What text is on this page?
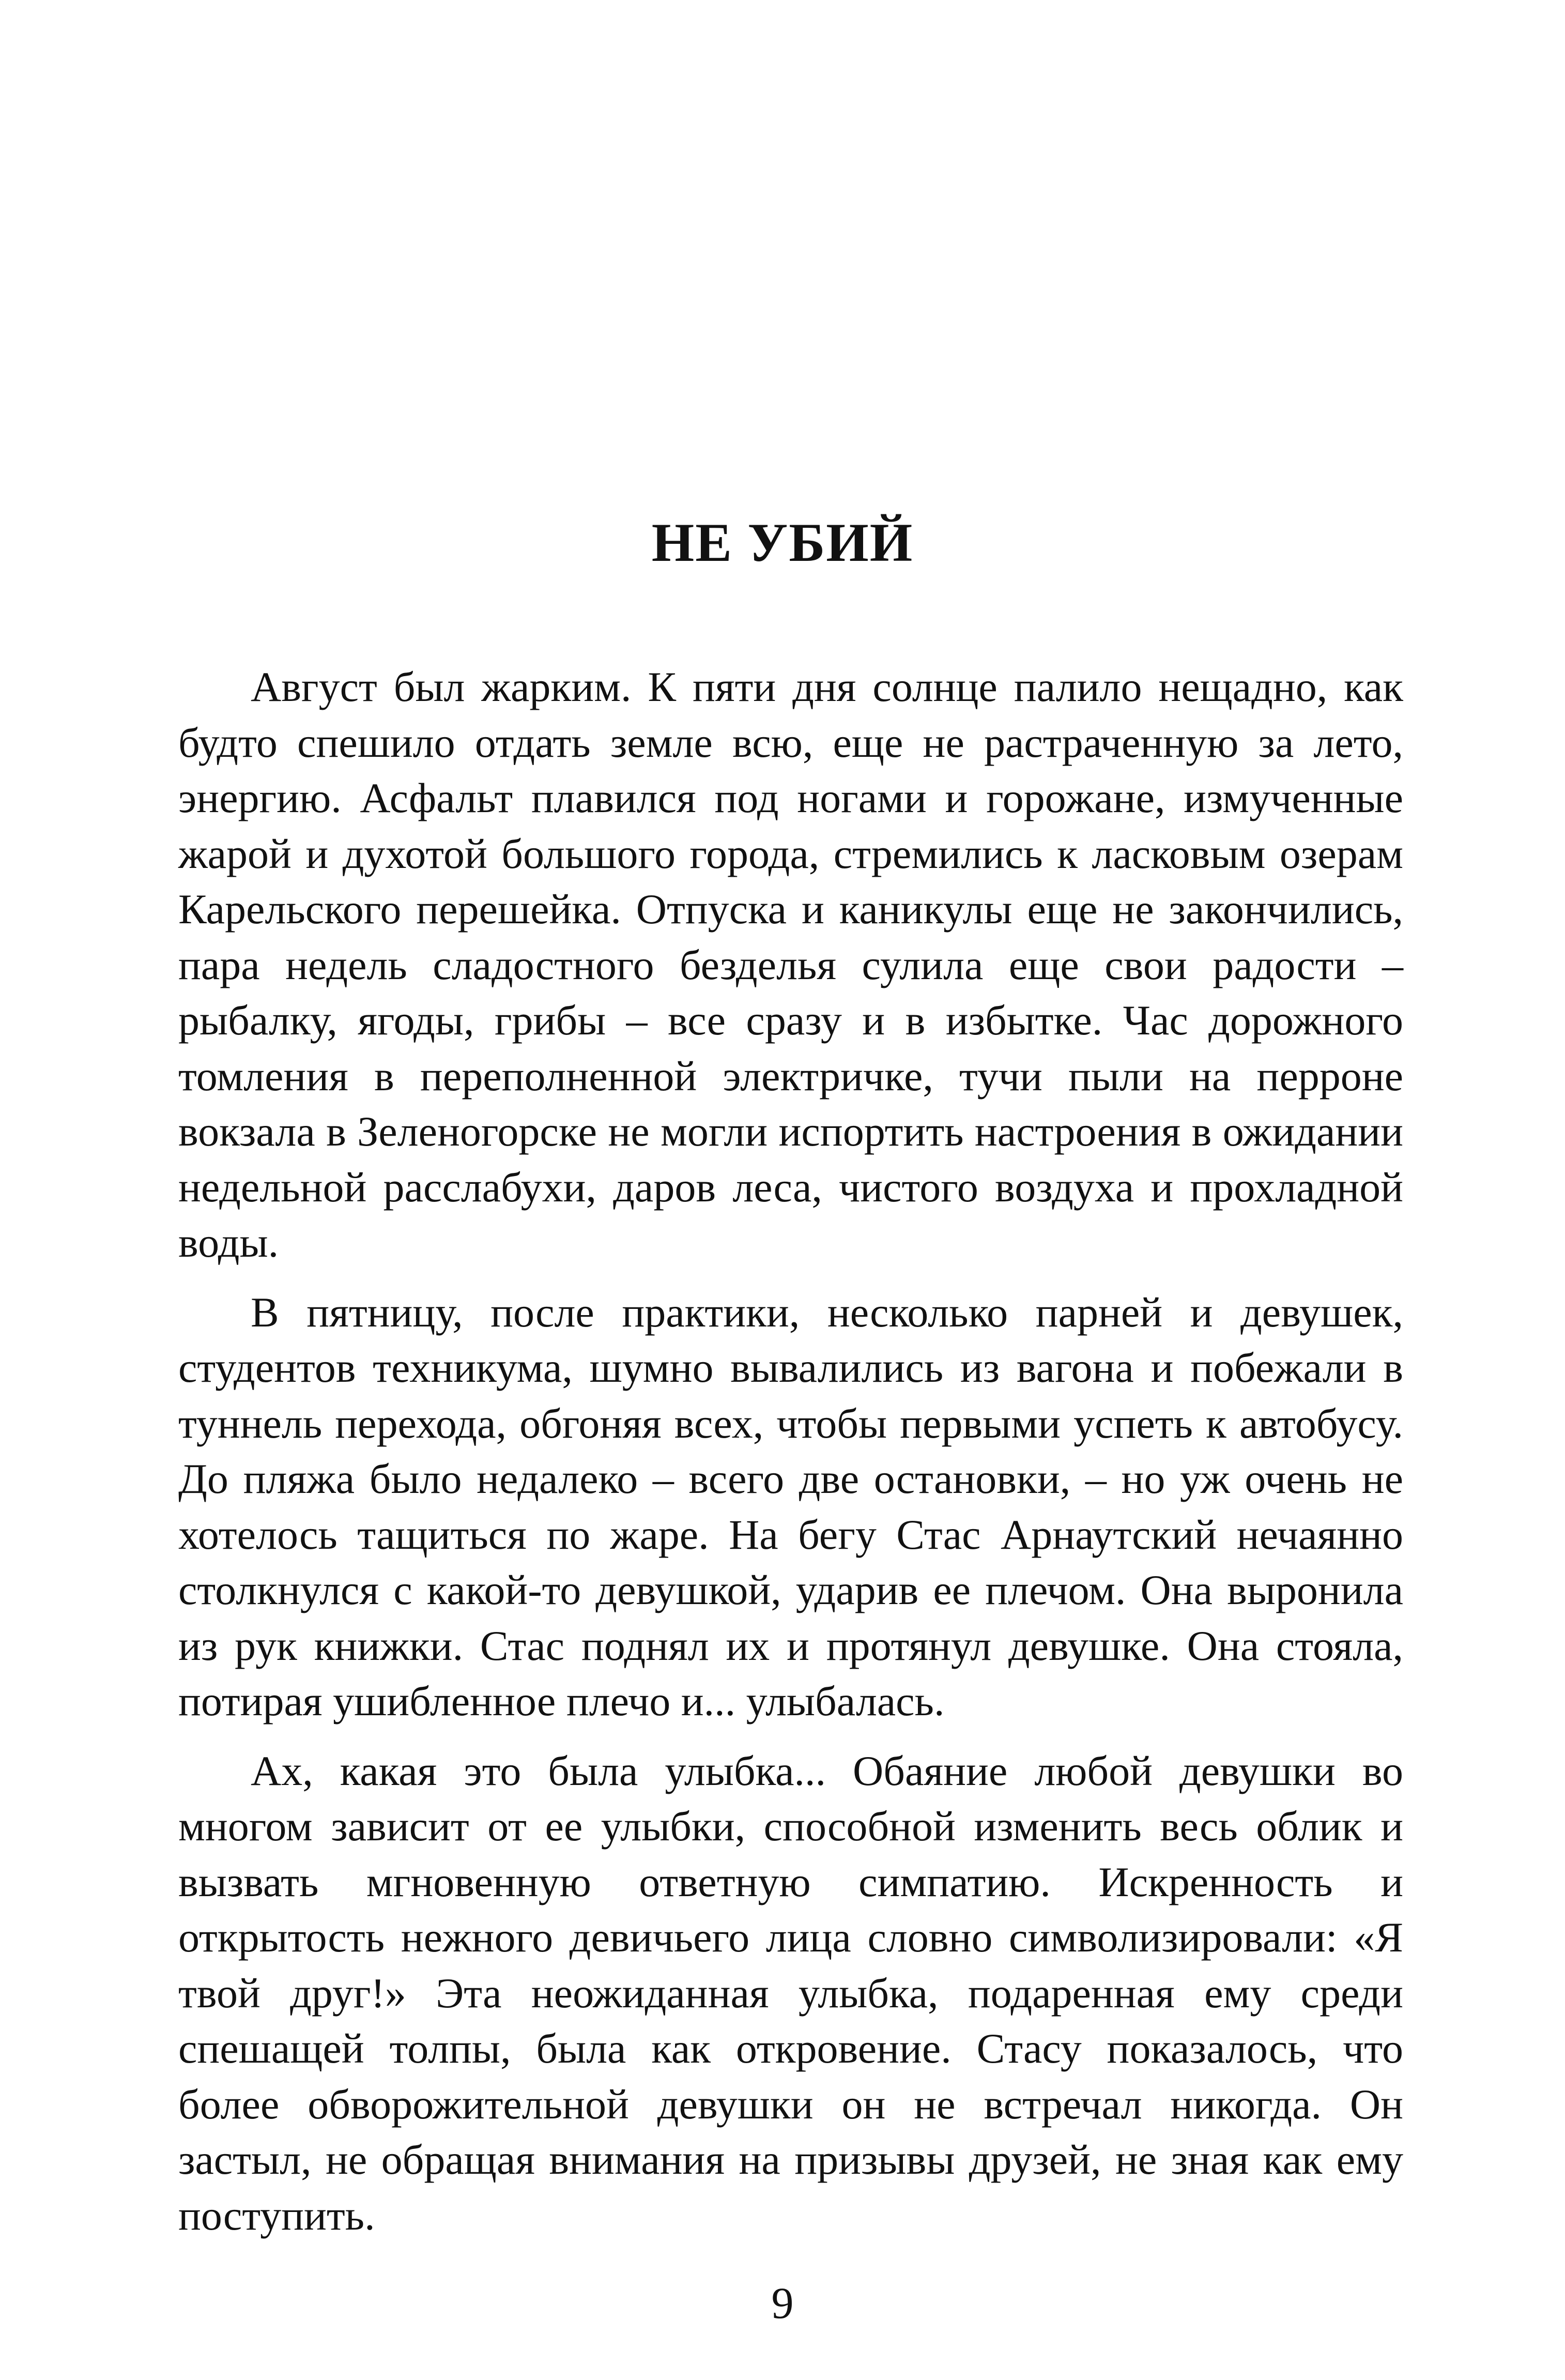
НЕ УБИЙ

Август был жарким. К пяти дня солнце палило нещадно, как будто спешило отдать земле всю, еще не растраченную за лето, энергию. Асфальт плавился под ногами и горожане, измученные жарой и духотой большого города, стремились к ласковым озерам Карельского перешейка. Отпуска и каникулы еще не закончились, пара недель сладостного безделья сулила еще свои радости – рыбалку, ягоды, грибы – все сразу и в избытке. Час дорожного томления в переполненной электричке, тучи пыли на перроне вокзала в Зеленогорске не могли испортить настроения в ожидании недельной расслабухи, даров леса, чистого воздуха и прохладной воды.

В пятницу, после практики, несколько парней и девушек, студентов техникума, шумно вывалились из вагона и побежали в туннель перехода, обгоняя всех, чтобы первыми успеть к автобусу. До пляжа было недалеко – всего две остановки, – но уж очень не хотелось тащиться по жаре. На бегу Стас Арнаутский нечаянно столкнулся с какой-то девушкой, ударив ее плечом. Она выронила из рук книжки. Стас поднял их и протянул девушке. Она стояла, потирая ушибленное плечо и... улыбалась.

Ах, какая это была улыбка... Обаяние любой девушки во многом зависит от ее улыбки, способной изменить весь облик и вызвать мгновенную ответную симпатию. Искренность и открытость нежного девичьего лица словно символизировали: «Я твой друг!» Эта неожиданная улыбка, подаренная ему среди спешащей толпы, была как откровение. Стасу показалось, что более обворожительной девушки он не встречал никогда. Он застыл, не обращая внимания на призывы друзей, не зная как ему поступить.

9
